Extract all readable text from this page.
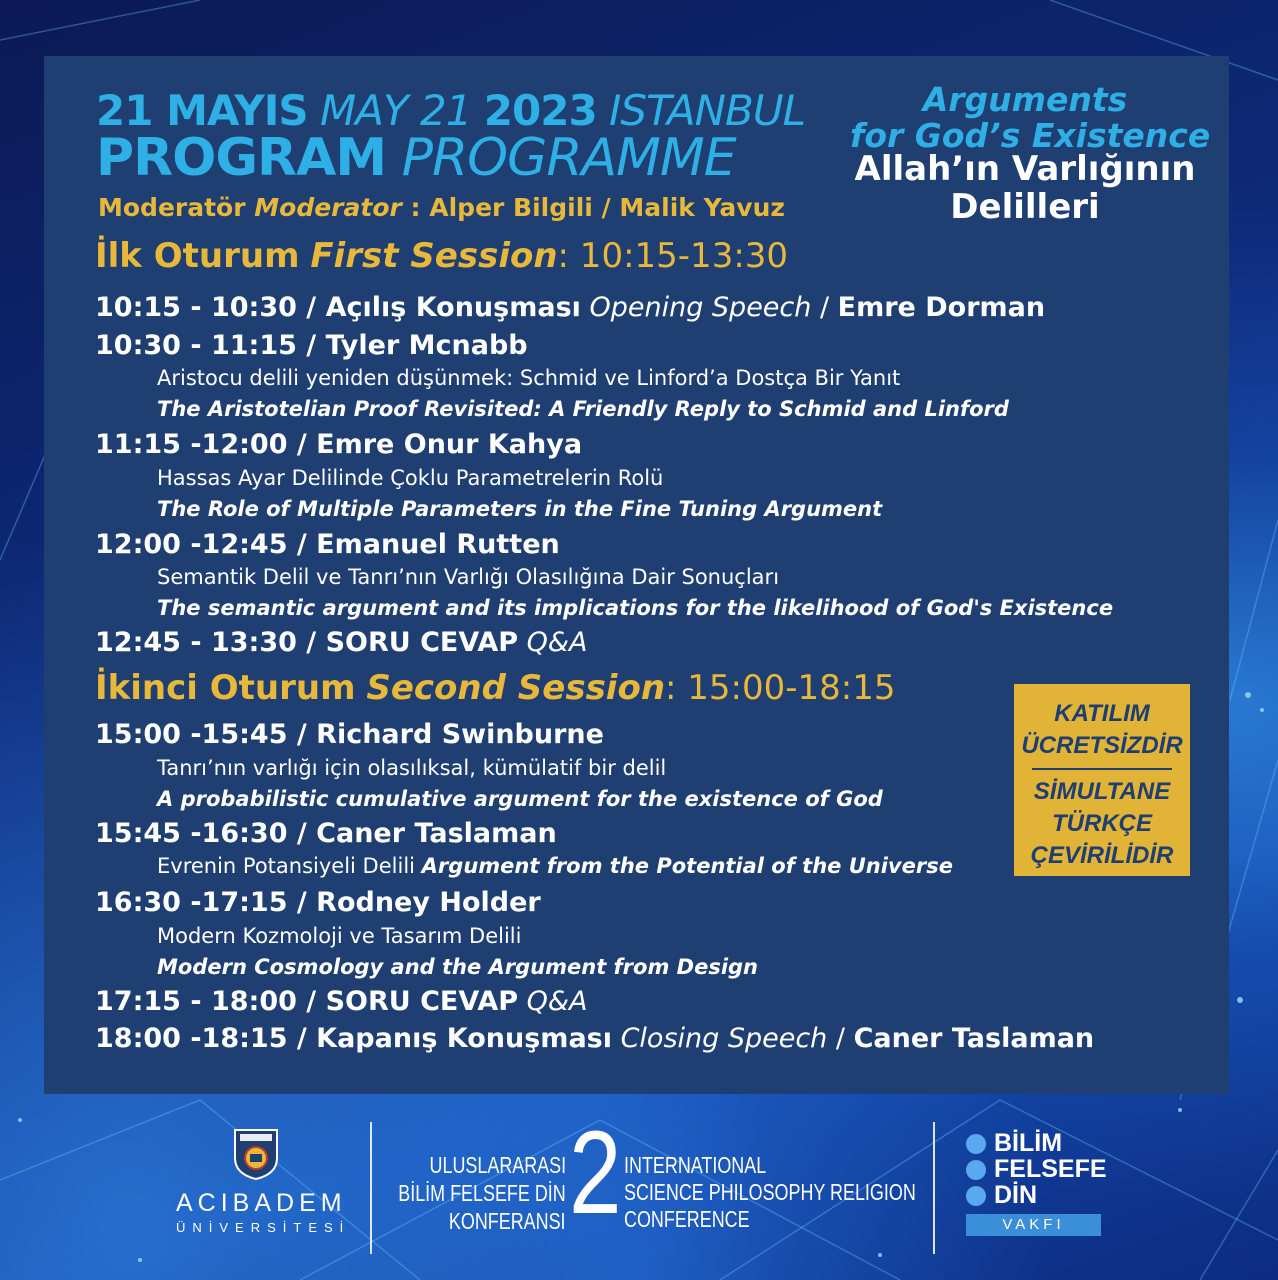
21 MAYIS MAY 21 2023 ISTANBUL
PROGRAM PROGRAMME
Moderatör Moderator : Alper Bilgili / Malik Yavuz
Arguments
for God’s Existence
Allah’ın Varlığının
Delilleri
İlk Oturum First Session: 10:15-13:30
10:15 - 10:30 / Açılış Konuşması Opening Speech / Emre Dorman
10:30 - 11:15 / Tyler Mcnabb
Aristocu delili yeniden düşünmek: Schmid ve Linford’a Dostça Bir Yanıt
The Aristotelian Proof Revisited: A Friendly Reply to Schmid and Linford
11:15 -12:00 / Emre Onur Kahya
Hassas Ayar Delilinde Çoklu Parametrelerin Rolü
The Role of Multiple Parameters in the Fine Tuning Argument
12:00 -12:45 / Emanuel Rutten
Semantik Delil ve Tanrı’nın Varlığı Olasılığına Dair Sonuçları
The semantic argument and its implications for the likelihood of God's Existence
12:45 - 13:30 / SORU CEVAP Q&A
İkinci Oturum Second Session: 15:00-18:15
15:00 -15:45 / Richard Swinburne
Tanrı’nın varlığı için olasılıksal, kümülatif bir delil
A probabilistic cumulative argument for the existence of God
15:45 -16:30 / Caner Taslaman
Evrenin Potansiyeli Delili Argument from the Potential of the Universe
16:30 -17:15 / Rodney Holder
Modern Kozmoloji ve Tasarım Delili
Modern Cosmology and the Argument from Design
17:15 - 18:00 / SORU CEVAP Q&A
18:00 -18:15 / Kapanış Konuşması Closing Speech / Caner Taslaman
KATILIM
ÜCRETSİZDİR
SİMULTANE
TÜRKÇE
ÇEVİRİLİDİR
ACIBADEM
ÜNİVERSİTESİ
ULUSLARARASI
BİLİM FELSEFE DİN
KONFERANSI 2 INTERNATIONAL
SCIENCE PHILOSOPHY RELIGION
CONFERENCE
BİLİM
FELSEFE
DİN
VAKFI
